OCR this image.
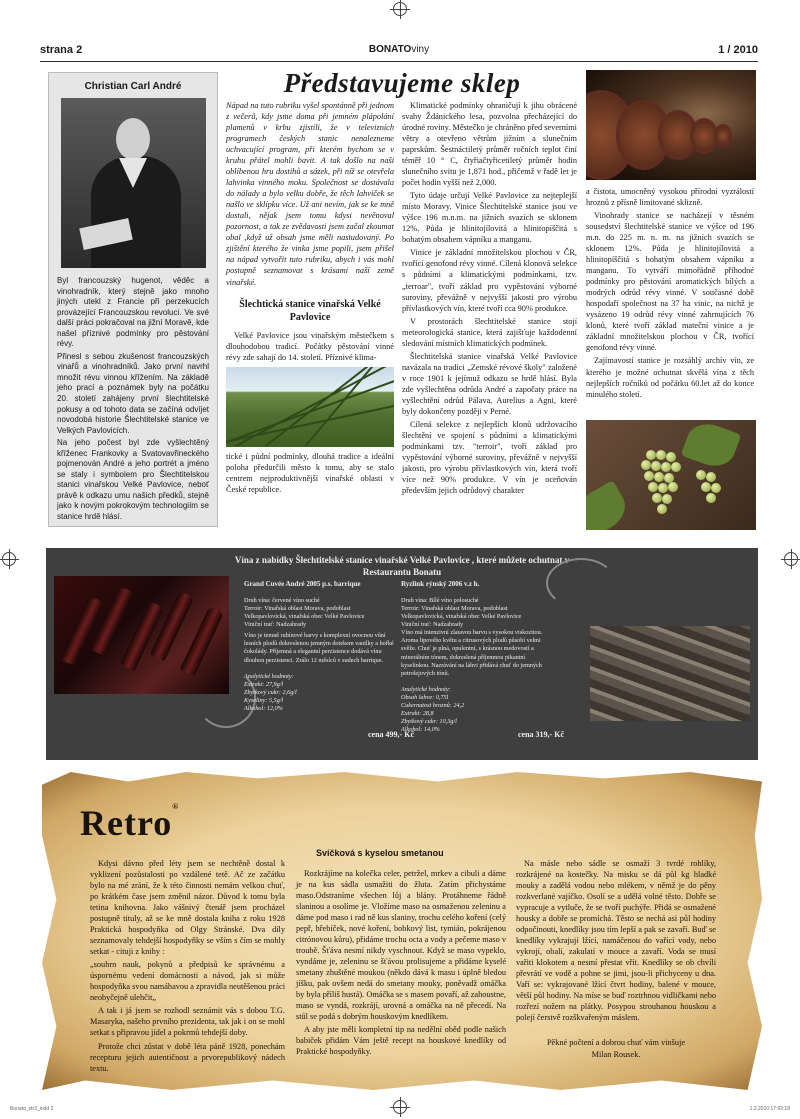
strana 2	BONATOviny	1 / 2010
Christian Carl André

Byl francouzský hugenot, věděc a vinohradník, který stejně jako mnoho jiných utekl z Francie při perzekucích provázející Francouzskou revoluci. Ve své další práci pokračoval na jižní Moravě, kde našel příznivé podmínky pro pěstování révy.

Přinesl s sebou zkušenost francouzských vinařů a vinohradníků. Jako první navrhl množit révu vinnou křížením. Na základě jeho prací a poznámek byly na počátku 20. století zahájeny první šlechtitelské pokusy a od tohoto data se začíná odvíjet novodobá historie Šlechtitelské stanice ve Velkých Pavlovicích.

Na jeho počest byl zde vyšlechtěný kříženec Frankovky a Svatovavřineckého pojmenován André a jeho portrét a jméno se staly i symbolem pro Šlechtitelskou stanici vinařskou Velké Pavlovice, neboť právě k odkazu umu našich předků, stejně jako k novým pokrokovým technologiím se stanice hrdě hlásí.

Představujeme sklep

Nápad na tuto rubriku vyšel spontánně při jednom z večerů, kdy jsme doma při jemném plápolání plamenů v krbu zjistili, že v televizních programech českých stanic nenalezneme uchvacující program, při kterém bychom se v kruhu přátel mohli bavit. A tak došlo na naši oblíbenou hru dostihů a sázek, při níž se otevřela lahvinka vinného moku. Společnost se dostávala do nálady a bylo velku dobře, že těch lahviček se našlo ve sklípku více. Už ani nevím, jak se ke mně dostali, nějak jsem tomu kdysi nevěnoval pozornost, a tak ze zvědavosti jsem začal zkoumat obal ,když už obsah jsme měli nastudovaný. Po zjištění kterého že vinka jsme popili, jsem přišel na nápad vytvořit tuto rubriku, abych i vás mohl postupně seznamovat s krásami naší země vinařské.

Šlechtická stanice vinařská Velké Pavlovice

Velké Pavlovice jsou vinařským městečkem s dlouhodobou tradicí. Počátky pěstování vinné révy zde sahají do 14. století. Příznivé klima-

tické i půdní podmínky, dlouhá tradice a ideální poloha předurčili město k tomu, aby se stalo centrem nejproduktivnější vinařské oblasti v České republice.

Klimatické podmínky ohraničují k jihu obrácené svahy Ždánického lesa, pozvolna přecházející do úrodné roviny. Městečko je chráněno před severními větry a otevřeno větrům jižním a slunečním paprskům. Šestnáctiletý průměr ročních teplot činí téměř 10 ° C, čtyřiačtyřicetiletý průměr hodin slunečního svitu je 1,871 hod., přičemž v řadě let je počet hodin vyšší než 2,000.

Tyto údaje určují Velké Pavlovice za nejteplejší místo Moravy. Vinice Šlechtitelské stanice jsou ve výšce 196 m.n.m. na jižních svazích se sklonem 12%. Půda je hlinitojílovitá a hlinitopíščitá s bohatým obsahem vápníku a manganu.

Vinice je základní množitelskou plochou v ČR, tvořící genofond révy vinné. Cílená klonová selekce s půdními a klimatickými podmínkami, tzv. „terroar", tvoří základ pro vypěstování výborné suroviny, převážně v nejvyšší jakosti pro výrobu přívlastkových vín, které tvoří cca 90% produkce.

V prostorách šlechtitelské stanice stojí meteorologická stanice, která zajišťuje každodenní sledování místních klimatických podmínek.

Šlechtitelská stanice vinařská Velké Pavlovice navázala na tradici „Zemské révové školy" založené v roce 1901 k jejímuž odkazu se hrdě hlásí. Byla zde vyšlechtěna odrůda André a započaty práce na vyšlechtění odrůd Pálava, Aurelius a Agni, které byly dokončeny později v Perné.

Cílená selekce z nejlepších klonů udržovacího šlechtění ve spojení s půdními a klimatickými podmínkami tzv. "terroir", tvoří základ pro vypěstování výborné suroviny, převážně v nejvyšší jakosti, pro výrobu přívlastkových vín, která tvoří více než 90% produkce. V vín je oceňován především jejich odrůdový charakter

a čistota, umocněný vysokou přírodní vyzrálostí hroznů z přísně limitované sklizně.

Vinohrady stanice se nacházejí v těsném sousedství šlechtitelské stanice ve výšce od 196 m.n. do 225 m. n. m. na jižních svazích se sklonem 12%. Půda je hlinitojílovitá a hlinitopíščitá s bohatým obsahem vápníku a manganu. To vytváří mimořádně příhodné podmínky pro pěstování aromatických bílých a modrých odrůd révy vinné. V současné době hospodaří společnost na 37 ha vinic, na nichž je vysázeno 19 odrůd révy vinné zahrnujících 76 klonů, které tvoří základ mateční vinice a je základní množitelskou plochou v ČR, tvořící genofond révy vinné.

Zajímavostí stanice je rozsáhlý archív vín, ze kterého je možné ochutnat skvělá vína z těch nejlepších ročníků od počátku 60.let až do konce minulého století.

Vína z nabídky Šlechtitelské stanice vinařské Velké Pavlovice , které můžete ochutnat v
Restaurantu Bonatu
Grand Cuvée André 2005 p.s. barrique

Druh vína: červené víno suché

Terroir: Vinařská oblast Morava, podoblast Velkopavlovická, vinařská obec Velké Pavlovice

Viniční trať: Nadzahrady

Víno je temně rubínové barvy s komplexní ovocnou vůní lesních plodů dokreslenou jemným dotekem vanilky a hořké čokolády. Příjemná a elegantní perzistence dodává vínu dlouhou perzistenci. Zrálo 12 měsíců v sudech barrique.

Analytické hodnoty:
Extrakt: 27,9g/l
Zbytkový cukr: 2,6g/l
Kyseliny: 5,5g/l
Alkohol: 12,0%
cena 499,- Kč
Ryzlink rýnský 2006 v.z h.

Druh vína: Bílé víno polosuché

Terroir: Vinařská oblast Morava, podoblast Velkopavlovická, vinařská obec Velké Pavlovice

Viniční trať: Nadzahrady

Víno má intenzivní zlatavou barvu s vysokou viskozitou. Aroma lipového květu a citrusových plodů působí velmi svěže. Chuť je plná, opulentní, s krásnou medovostí a minerálním tónem, dokreslená příjemnou pikantní kyselinkou. Nazrávání na láhvi přidává chuť do jemných petrolejových tónů.

Analytické hodnoty:
Obsah lahve: 0,75l
Cukernatost hroznů: 24,2
Extrakt: 28,8
Zbytkový cukr: 10,3g/l
Alkohol: 14,0%
cena 319,- Kč
Retro®

Kdysi dávno před léty jsem se nechtěně dostal k vyklizení pozůstalosti po vzdálené tetě. Ač ze začátku bylo na mé zrání, že k této činnosti nemám velkou chuť, po krátkém čase jsem změnil názor. Důvod k tomu byla tetina knihovna. Jako vášnivý čtenář jsem procházel postupně tituly, až se ke mně dostala kniha z roku 1928 Praktická hospodyňka od Olgy Stránské. Dva díly seznamovaly tehdejší hospodyňky se vším s čím se mohly setkat - cituji z knihy :

„souhrn nauk, pokynů a předpisů ke správnému a úspornému vedení domácnosti a návod, jak si může hospodyňka svou namáhavou a zpravidla neutěšenou práci neobyčejně ulehčit„

A tak i já jsem se rozhodl seznámit vás s dobou T.G. Masaryka, našeho prvního prezidenta, tak jak i on se mohl setkat s připravou jídel a pokrmů tehdejší doby.

Protože chci zůstat v době léta páně 1928, ponechám recepturu jejich autentičnost a prvorepublikový nádech textu.

Svíčková s kyselou smetanou

Rozkrájíme na kolečka celer, petržel, mrkev a cibuli a dáme je na kus sádla usmažiti do žluta. Zatím přichystáme maso.Odstraníme všechen lůj a blány. Protáhneme řádně slaninou a osolíme je. Vložíme maso na osmaženou zeleninu a dáme pod maso i rad ně kus slaniny, trochu celého koření (celý pepř, hřebíček, nové koření, bobkový list, tymián, pokrájenou citrónovou kůru), přidáme trochu octa a vody a pečeme maso v troubě. Šťáva nesmí nikdy vyschnout. Když se maso vypeklo, vyndáme je, zeleninu se šťávou prolisujeme a přidáme kyselé smetany zhuštěné moukou (někdo dává k masu i úplně bledou jíšku, pak ovšem nedá do smetany mouky, poněvadž omáčka by byla příliš hustá). Omáčka se s masem povaří, až zahoustne, maso se vyndá, rozkrájí, urovná a omáčka na ně přecedí. Na stůl se podá s dobrým houskovým knedlíkem.

A aby jste měli kompletní tip na nedělní oběd podle našich babiček přidám Vám ještě recept na houskové knedlíky od Praktické hospodyňky.

Na másle nebo sádle se osmaží 3 tvrdé rohlíky, rozkrájené na kostečky. Na misku se dá půl kg hladké mouky a zadělá vodou nebo mlékem, v němž je do pěny rozkverlané vajíčko. Osolí se a udělá volné těsto. Dobře se vypracuje a vytluče, že se tvoří puchýře. Přidá se osmažené housky a dobře se promíchá. Těsto se nechá asi půl hodiny odpočinouti, knedlíky jsou tím lepší a pak se zavaří. Buď se knedlíky vykrajují lžící, namáčenou do vařící vody, nebo vykrojí, obalí, zakulatí v mouce a zavaří. Voda se musí vařiti klokotem a nesmí přestat vřít. Knedlíky se ob chvíli převrátí ve vodě a pohne se jimi, jsou-li přichyceny u dna. Vaří se: vykrajované lžící čtvrt hodiny, balené v mouce, větší půl hodiny. Na míse se buď roztrhnou vidličkami nebo rozřezí nožem na plátky. Posypou strouhanou houskou a polejí čerstvě rozškvařeným máslem.

Pěkné počtení a dobrou chuť vám vinšuje
Milan Rousek.

Bonato_str3_indd 2	1.2.2010 17:02:18
